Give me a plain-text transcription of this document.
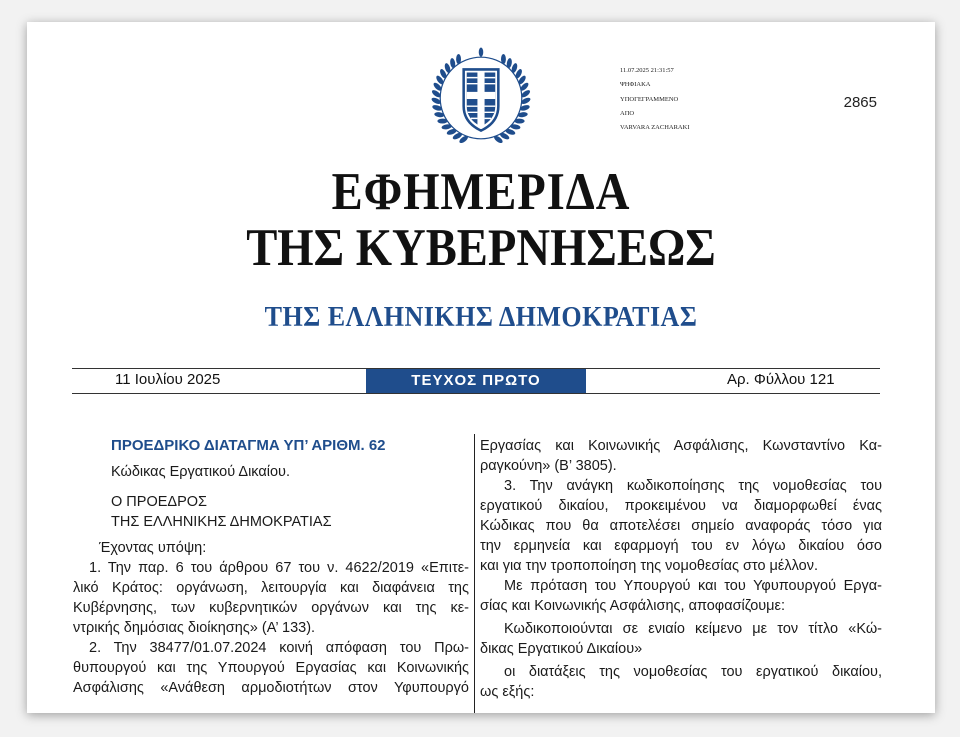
11.07.2025 21:31:57
ΨΗΦΙΑΚΑ
ΥΠΟΓΕΓΡΑΜΜΕΝΟ
ΑΠΟ
VARVARA ZACHARAKI
2865
ΕΦΗΜΕΡΙΔΑ
ΤΗΣ ΚΥΒΕΡΝΗΣΕΩΣ
ΤΗΣ ΕΛΛΗΝΙΚΗΣ ΔΗΜΟΚΡΑΤΙΑΣ
11 Ιουλίου 2025	ΤΕΥΧΟΣ ΠΡΩΤΟ	Αρ. Φύλλου 121
ΠΡΟΕΔΡΙΚΟ ΔΙΑΤΑΓΜΑ ΥΠ’ ΑΡΙΘΜ. 62
Κώδικας Εργατικού Δικαίου.
Ο ΠΡΟΕΔΡΟΣ
ΤΗΣ ΕΛΛΗΝΙΚΗΣ ΔΗΜΟΚΡΑΤΙΑΣ
Έχοντας υπόψη:
1. Την παρ. 6 του άρθρου 67 του ν. 4622/2019 «Επιτε-
λικό Κράτος: οργάνωση, λειτουργία και διαφάνεια της
Κυβέρνησης, των κυβερνητικών οργάνων και της κε-
ντρικής δημόσιας διοίκησης» (Α’ 133).
2. Την 38477/01.07.2024 κοινή απόφαση του Πρω-
θυπουργού και της Υπουργού Εργασίας και Κοινωνικής
Ασφάλισης «Ανάθεση αρμοδιοτήτων στον Υφυπουργό
Εργασίας και Κοινωνικής Ασφάλισης, Κωνσταντίνο Κα-
ραγκούνη» (Β’ 3805).
3. Την ανάγκη κωδικοποίησης της νομοθεσίας του
εργατικού δικαίου, προκειμένου να διαμορφωθεί ένας
Κώδικας που θα αποτελέσει σημείο αναφοράς τόσο για
την ερμηνεία και εφαρμογή του εν λόγω δικαίου όσο
και για την τροποποίηση της νομοθεσίας στο μέλλον.
Με πρόταση του Υπουργού και του Υφυπουργού Εργα-
σίας και Κοινωνικής Ασφάλισης, αποφασίζουμε:
Κωδικοποιούνται σε ενιαίο κείμενο με τον τίτλο «Κώ-
δικας Εργατικού Δικαίου»
οι διατάξεις της νομοθεσίας του εργατικού δικαίου,
ως εξής:
